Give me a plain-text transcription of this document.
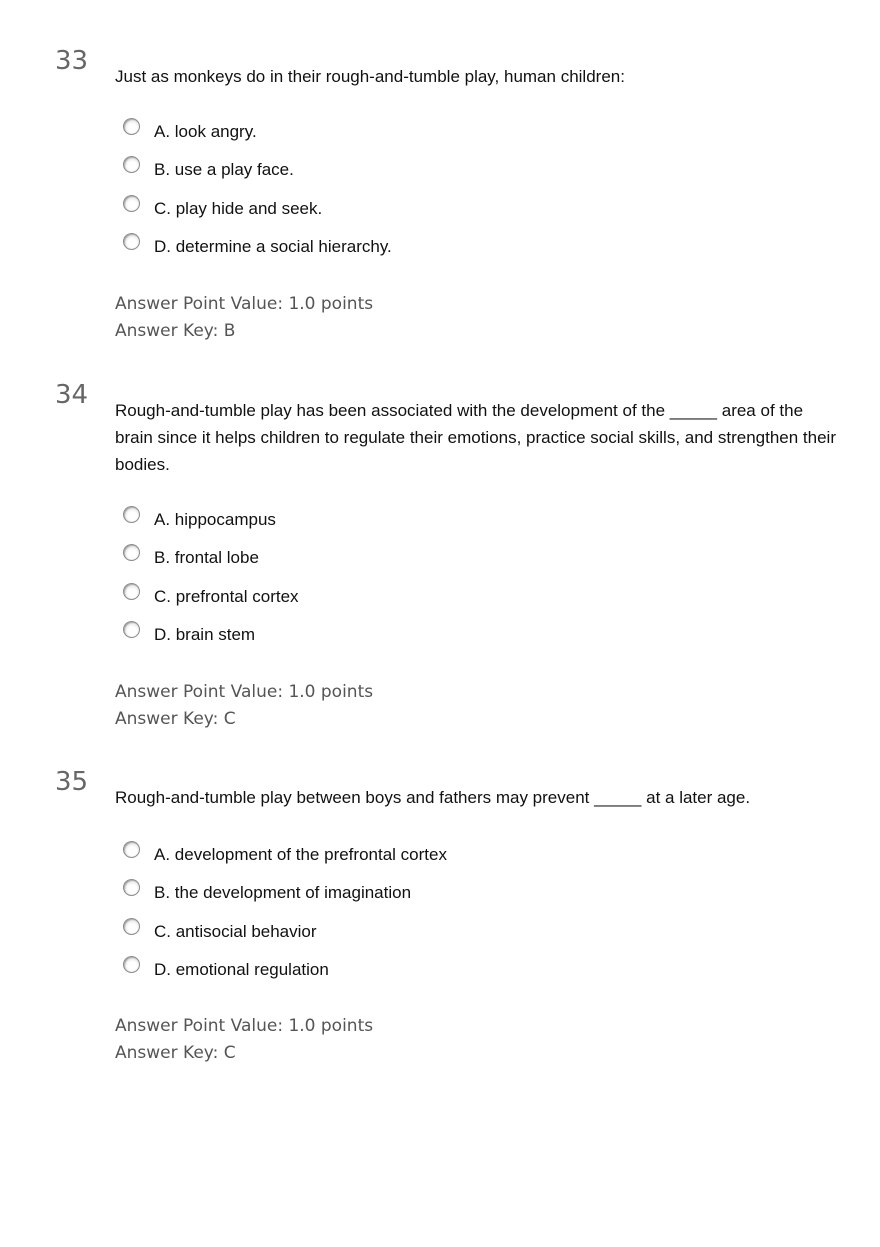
33
Just as monkeys do in their rough-and-tumble play, human children:
A. look angry.
B. use a play face.
C. play hide and seek.
D. determine a social hierarchy.
Answer Point Value: 1.0 points
Answer Key: B
34
Rough-and-tumble play has been associated with the development of the _____ area of the brain since it helps children to regulate their emotions, practice social skills, and strengthen their bodies.
A. hippocampus
B. frontal lobe
C. prefrontal cortex
D. brain stem
Answer Point Value: 1.0 points
Answer Key: C
35
Rough-and-tumble play between boys and fathers may prevent _____ at a later age.
A. development of the prefrontal cortex
B. the development of imagination
C. antisocial behavior
D. emotional regulation
Answer Point Value: 1.0 points
Answer Key: C
